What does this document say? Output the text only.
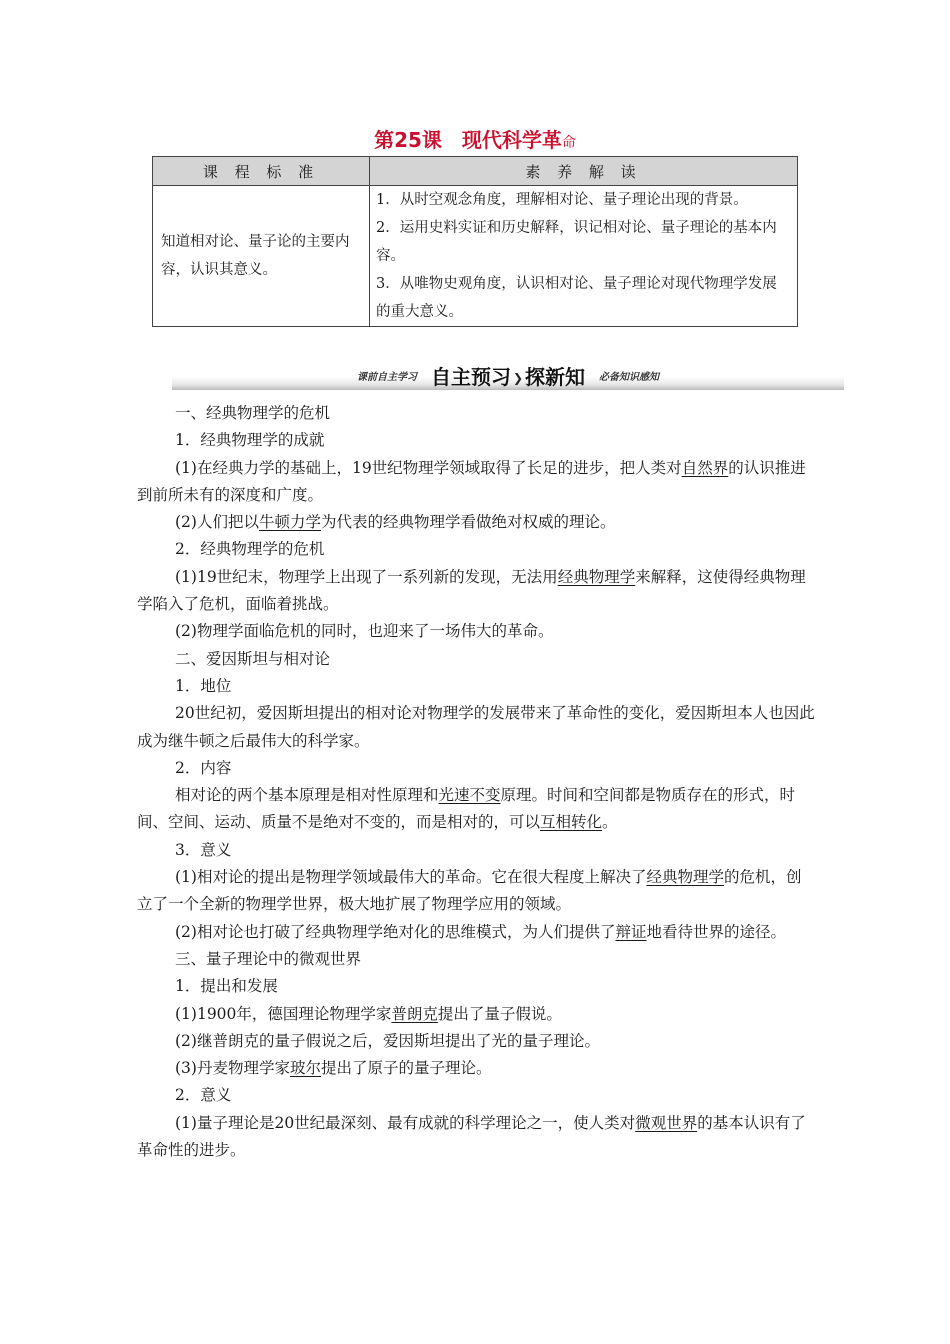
第25课　现代科学革命
课 程 标 准	素 养 解 读
知道相对论、量子论的主要内容，认识其意义。	1．从时空观念角度，理解相对论、量子理论出现的背景。
2．运用史料实证和历史解释，识记相对论、量子理论的基本内容。
3．从唯物史观角度，认识相对论、量子理论对现代物理学发展的重大意义。
课前自主学习 自主预习 ❯ 探新知 必备知识感知

一、经典物理学的危机

1．经典物理学的成就

(1)在经典力学的基础上，19世纪物理学领域取得了长足的进步，把人类对自然界的认识推进到前所未有的深度和广度。

(2)人们把以牛顿力学为代表的经典物理学看做绝对权威的理论。

2．经典物理学的危机

(1)19世纪末，物理学上出现了一系列新的发现，无法用经典物理学来解释，这使得经典物理学陷入了危机，面临着挑战。

(2)物理学面临危机的同时，也迎来了一场伟大的革命。

二、爱因斯坦与相对论

1．地位

20世纪初，爱因斯坦提出的相对论对物理学的发展带来了革命性的变化，爱因斯坦本人也因此成为继牛顿之后最伟大的科学家。

2．内容

相对论的两个基本原理是相对性原理和光速不变原理。时间和空间都是物质存在的形式，时间、空间、运动、质量不是绝对不变的，而是相对的，可以互相转化。

3．意义

(1)相对论的提出是物理学领域最伟大的革命。它在很大程度上解决了经典物理学的危机，创立了一个全新的物理学世界，极大地扩展了物理学应用的领域。

(2)相对论也打破了经典物理学绝对化的思维模式，为人们提供了辩证地看待世界的途径。

三、量子理论中的微观世界

1．提出和发展

(1)1900年，德国理论物理学家普朗克提出了量子假说。

(2)继普朗克的量子假说之后，爱因斯坦提出了光的量子理论。

(3)丹麦物理学家玻尔提出了原子的量子理论。

2．意义

(1)量子理论是20世纪最深刻、最有成就的科学理论之一，使人类对微观世界的基本认识有了革命性的进步。
